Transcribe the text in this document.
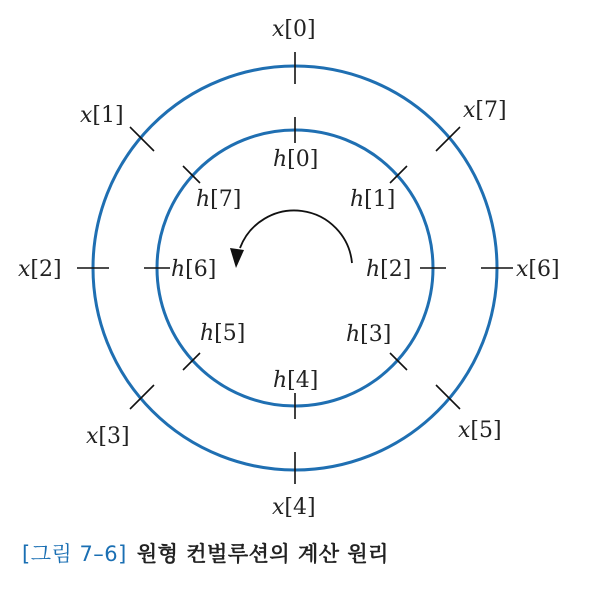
x[0]
x[1]
x[2]
x[3]
x[4]
x[5]
x[6]
x[7]
h[0]
h[1]
h[2]
h[3]
h[4]
h[5]
h[6]
h[7]
[그림 7–6] 원형 컨벌루션의 계산 원리
